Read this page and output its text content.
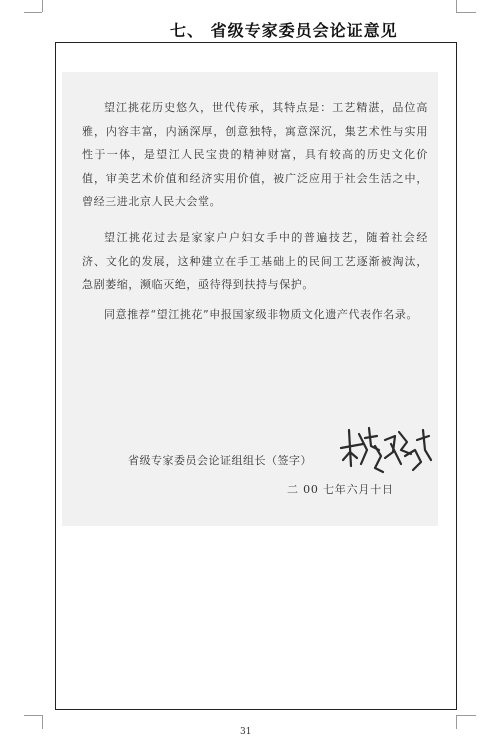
七、 省级专家委员会论证意见

望江挑花历史悠久，世代传承，其特点是：工艺精湛，品位高雅，内容丰富，内涵深厚，创意独特，寓意深沉，集艺术性与实用性于一体，是望江人民宝贵的精神财富，具有较高的历史文化价值，审美艺术价值和经济实用价值，被广泛应用于社会生活之中，曾经三进北京人民大会堂。

望江挑花过去是家家户户妇女手中的普遍技艺，随着社会经济、文化的发展，这种建立在手工基础上的民间工艺逐渐被淘汰，急剧萎缩，濒临灭绝，亟待得到扶持与保护。

同意推荐“望江挑花”申报国家级非物质文化遗产代表作名录。

省级专家委员会论证组组长（签字）
二 00 七年六月十日
31
